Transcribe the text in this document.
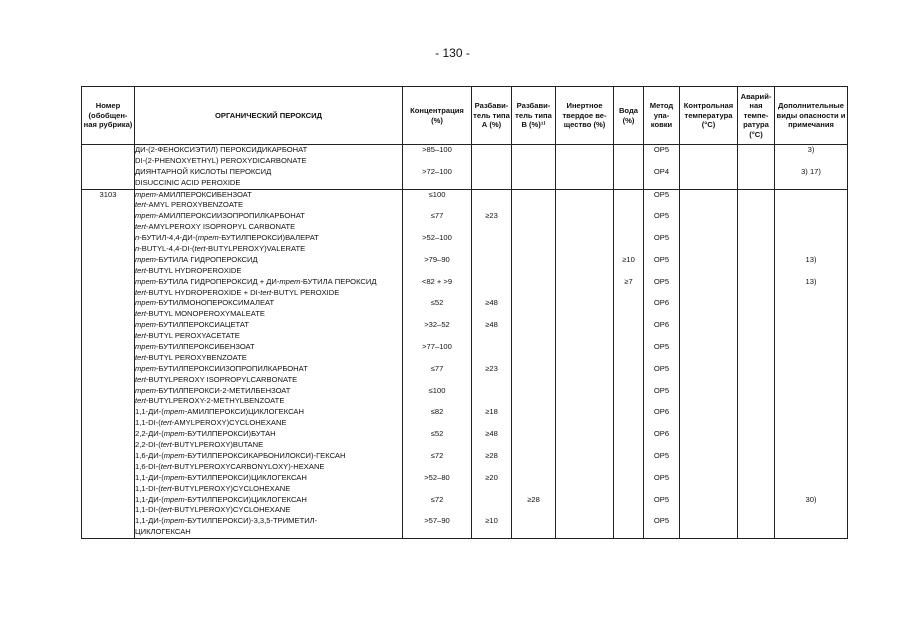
- 130 -
Номер (обобщен-ная рубрика)	ОРГАНИЧЕСКИЙ ПЕРОКСИД	Концентрация (%)	Разбави-тель типа А (%)	Разбави-тель типа В (%)¹⁾	Инертное твердое ве-щество (%)	Вода (%)	Метод упа-ковки	Контрольная температура (°C)	Аварий-ная темпе-ратура (°C)	Дополнительные виды опасности и примечания

	ДИ-(2-ФЕНОКСИЭТИЛ) ПЕРОКСИДИКАРБОНАТ
DI-(2-PHENOXYETHYL) PEROXYDICARBONATE	>85–100					OP5			3)

	ДИЯНТАРНОЙ КИСЛОТЫ ПЕРОКСИД
DISUCCINIC ACID PEROXIDE	>72–100					OP4			3) 17)

3103	трет-АМИЛПЕРОКСИБЕНЗОАТ
tert-AMYL PEROXYBENZOATE	≤100					OP5			

	трет-АМИЛПЕРОКСИИЗОПРОПИЛКАРБОНАТ
tert-AMYLPEROXY ISOPROPYL CARBONATE	≤77	≥23				OP5			

	n-БУТИЛ-4,4-ДИ-(трет-БУТИЛПЕРОКСИ)ВАЛЕРАТ
n-BUTYL-4,4-DI-(tert-BUTYLPEROXY)VALERATE	>52–100					OP5			

	трет-БУТИЛА ГИДРОПЕРОКСИД
tert-BUTYL HYDROPEROXIDE	>79–90				≥10	OP5			13)

	трет-БУТИЛА ГИДРОПЕРОКСИД + ДИ-трет-БУТИЛА ПЕРОКСИД
tert-BUTYL HYDROPEROXIDE + DI-tert-BUTYL PEROXIDE	<82 + >9				≥7	OP5			13)

	трет-БУТИЛМОНОПЕРОКСИМАЛЕАТ
tert-BUTYL MONOPEROXYMALEATE	≤52	≥48				OP6			

	трет-БУТИЛПЕРОКСИАЦЕТАТ
tert-BUTYL PEROXYACETATE	>32–52	≥48				OP6			

	трет-БУТИЛПЕРОКСИБЕНЗОАТ
tert-BUTYL PEROXYBENZOATE	>77–100					OP5			

	трет-БУТИЛПЕРОКСИИЗОПРОПИЛКАРБОНАТ
tert-BUTYLPEROXY ISOPROPYLCARBONATE	≤77	≥23				OP5			

	трет-БУТИЛПЕРОКСИ-2-МЕТИЛБЕНЗОАТ
tert-BUTYLPEROXY-2-METHYLBENZOATE	≤100					OP5			

	1,1-ДИ-(трет-АМИЛПЕРОКСИ)ЦИКЛОГЕКСАН
1,1-DI-(tert-AMYLPEROXY)CYCLOHEXANE	≤82	≥18				OP6			

	2,2-ДИ-(трет-БУТИЛПЕРОКСИ)БУТАН
2,2-DI-(tert-BUTYLPEROXY)BUTANE	≤52	≥48				OP6			

	1,6-ДИ-(трет-БУТИЛПЕРОКСИКАРБОНИЛОКСИ)-ГЕКСАН
1,6-DI-(tert-BUTYLPEROXYCARBONYLOXY)-HEXANE	≤72	≥28				OP5			

	1,1-ДИ-(трет-БУТИЛПЕРОКСИ)ЦИКЛОГЕКСАН
1,1-DI-(tert-BUTYLPEROXY)CYCLOHEXANE	>52–80	≥20				OP5			

	1,1-ДИ-(трет-БУТИЛПЕРОКСИ)ЦИКЛОГЕКСАН
1,1-DI-(tert-BUTYLPEROXY)CYCLOHEXANE	≤72		≥28			OP5			30)

	1,1-ДИ-(трет-БУТИЛПЕРОКСИ)-3,3,5-ТРИМЕТИЛ-
ЦИКЛОГЕКСАН	>57–90	≥10				OP5			
